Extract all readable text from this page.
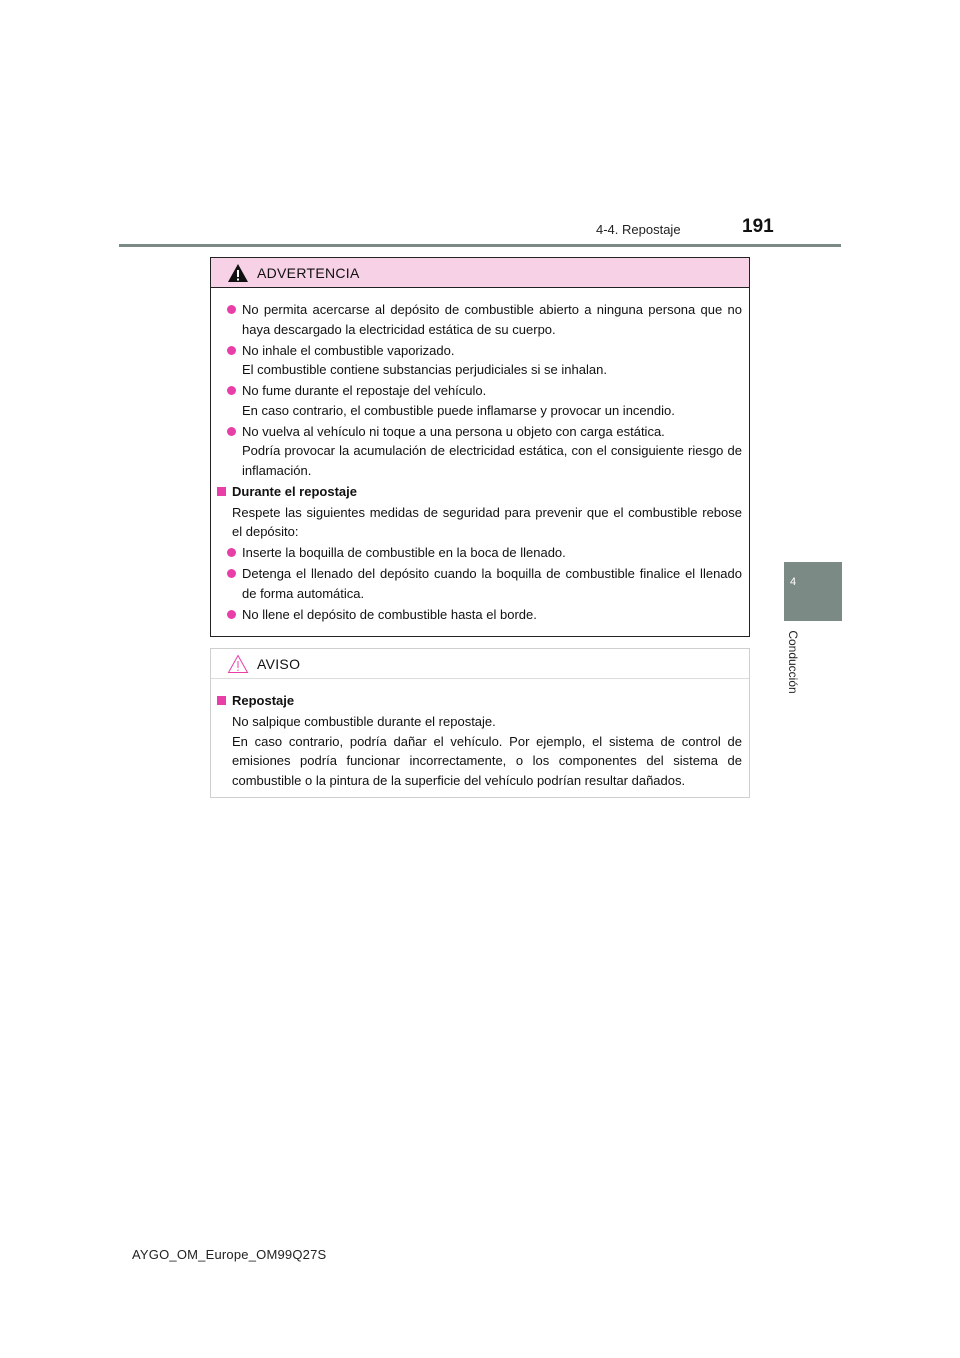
4-4. Repostaje	191
4
Conducción
ADVERTENCIA

No permita acercarse al depósito de combustible abierto a ninguna persona que no haya descargado la electricidad estática de su cuerpo.

No inhale el combustible vaporizado.

El combustible contiene substancias perjudiciales si se inhalan.

No fume durante el repostaje del vehículo.

En caso contrario, el combustible puede inflamarse y provocar un incendio.

No vuelva al vehículo ni toque a una persona u objeto con carga estática.

Podría provocar la acumulación de electricidad estática, con el consiguiente riesgo de inflamación.

Durante el repostaje

Respete las siguientes medidas de seguridad para prevenir que el combustible rebose el depósito:

Inserte la boquilla de combustible en la boca de llenado.

Detenga el llenado del depósito cuando la boquilla de combustible finalice el llenado de forma automática.

No llene el depósito de combustible hasta el borde.

AVISO

Repostaje

No salpique combustible durante el repostaje.

En caso contrario, podría dañar el vehículo. Por ejemplo, el sistema de control de emisiones podría funcionar incorrectamente, o los componentes del sistema de combustible o la pintura de la superficie del vehículo podrían resultar dañados.

AYGO_OM_Europe_OM99Q27S
